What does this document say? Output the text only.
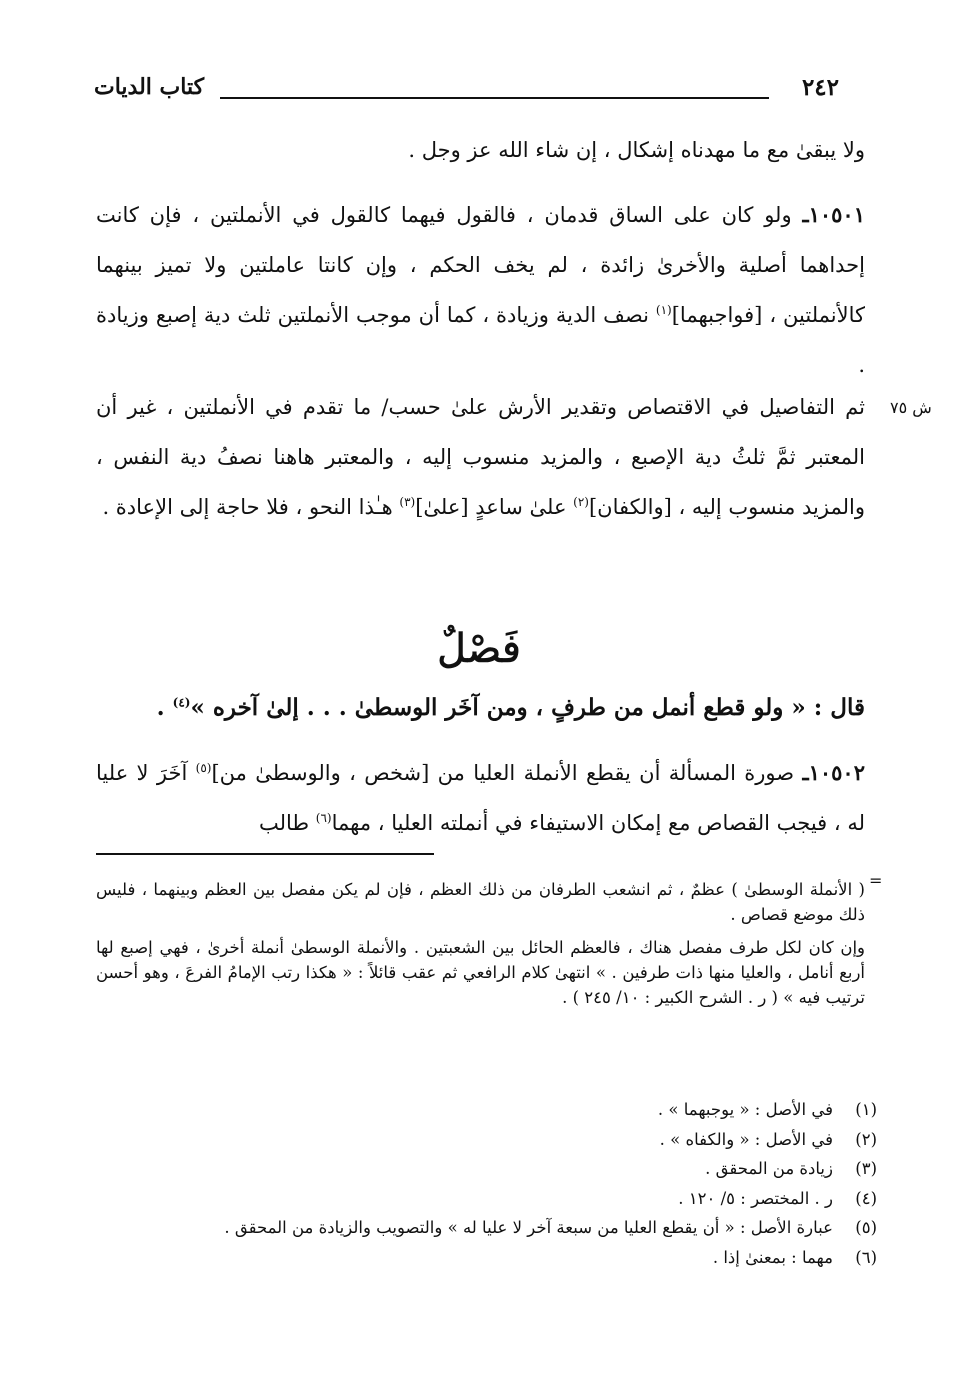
٢٤٢
كتاب الديات

ولا يبقىٰ مع ما مهدناه إشكال ، إن شاء الله عز وجل .

١٠٥٠١ـ ولو كان على الساق قدمان ، فالقول فيهما كالقول في الأنملتين ، فإن كانت إحداهما أصلية والأخرىٰ زائدة ، لم يخف الحكم ، وإن كانتا عاملتين ولا تميز بينهما كالأنملتين ، [فواجبهما]$^{(١)}$ نصف الدية وزيادة ، كما أن موجب الأنملتين ثلث دية إصبع وزيادة .

ش ٧٥

ثم التفاصيل في الاقتصاص وتقدير الأرش علىٰ حسب/ ما تقدم في الأنملتين ، غير أن المعتبر ثمَّ ثلثُ دية الإصبع ، والمزيد منسوب إليه ، والمعتبر هاهنا نصفُ دية النفس ، والمزيد منسوب إليه ، [والكفان]$^{(٢)}$ علىٰ ساعدٍ [علىٰ]$^{(٣)}$ هـٰذا النحو ، فلا حاجة إلى الإعادة .

فَصْلٌ

قال : « ولو قطع أنمل من طرفٍ ، ومن آخَر الوسطىٰ . . . إلىٰ آخره »$^{(٤)}$ .

١٠٥٠٢ـ صورة المسألة أن يقطع الأنملة العليا من [شخص ، والوسطىٰ من]$^{(٥)}$ آخَرَ لا عليا له ، فيجب القصاص مع إمكان الاستيفاء في أنملته العليا ، مهما$^{(٦)}$ طالب

=

( الأنملة الوسطىٰ ) عظمٌ ، ثم انشعب الطرفان من ذلك العظم ، فإن لم يكن مفصل بين العظم وبينهما ، فليس ذلك موضع قصاص .

وإن كان لكل طرف مفصل هناك ، فالعظم الحائل بين الشعبتين . والأنملة الوسطىٰ أنملة أخرىٰ ، فهي إصبع لها أربع أنامل ، والعليا منها ذات طرفين . » انتهىٰ كلام الرافعي ثم عقب قائلاً : « هكذا رتب الإمامُ الفرعَ ، وهو أحسن ترتيب فيه » ( ر . الشرح الكبير : ١٠/ ٢٤٥ ) .

(١)
في الأصل : « يوجبهما » .
(٢)
في الأصل : « والكفاه » .
(٣)
زيادة من المحقق .
(٤)
ر . المختصر : ٥/ ١٢٠ .
(٥)
عبارة الأصل : « أن يقطع العليا من سبعة آخر لا عليا له » والتصويب والزيادة من المحقق .
(٦)
مهما : بمعنىٰ إذا .
